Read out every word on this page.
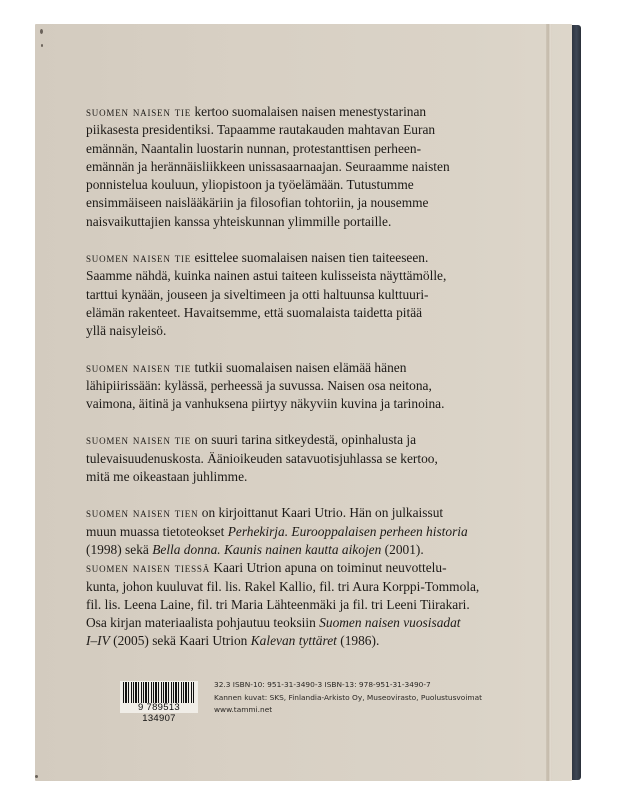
suomen naisen tie kertoo suomalaisen naisen menestystarinan
piikasesta presidentiksi. Tapaamme rautakauden mahtavan Euran
emännän, Naantalin luostarin nunnan, protestanttisen perheen-
emännän ja herännäisliikkeen unissasaarnaajan. Seuraamme naisten
ponnistelua kouluun, yliopistoon ja työelämään. Tutustumme
ensimmäiseen naislääkäriin ja filosofian tohtoriin, ja nousemme
naisvaikuttajien kanssa yhteiskunnan ylimmille portaille.
suomen naisen tie esittelee suomalaisen naisen tien taiteeseen.
Saamme nähdä, kuinka nainen astui taiteen kulisseista näyttämölle,
tarttui kynään, jouseen ja siveltimeen ja otti haltuunsa kulttuuri-
elämän rakenteet. Havaitsemme, että suomalaista taidetta pitää
yllä naisyleisö.
suomen naisen tie tutkii suomalaisen naisen elämää hänen
lähipiirissään: kylässä, perheessä ja suvussa. Naisen osa neitona,
vaimona, äitinä ja vanhuksena piirtyy näkyviin kuvina ja tarinoina.
suomen naisen tie on suuri tarina sitkeydestä, opinhalusta ja
tulevaisuudenuskosta. Äänioikeuden satavuotisjuhlassa se kertoo,
mitä me oikeastaan juhlimme.
suomen naisen tien on kirjoittanut Kaari Utrio. Hän on julkaissut
muun muassa tietoteokset Perhekirja. Eurooppalaisen perheen historia
(1998) sekä Bella donna. Kaunis nainen kautta aikojen (2001).
suomen naisen tiessä Kaari Utrion apuna on toiminut neuvottelu-
kunta, johon kuuluvat fil. lis. Rakel Kallio, fil. tri Aura Korppi-Tommola,
fil. lis. Leena Laine, fil. tri Maria Lähteenmäki ja fil. tri Leeni Tiirakari.
Osa kirjan materiaalista pohjautuu teoksiin Suomen naisen vuosisadat
I–IV (2005) sekä Kaari Utrion Kalevan tyttäret (1986).
9 789513 134907
32.3 ISBN-10: 951-31-3490-3 ISBN-13: 978-951-31-3490-7
Kannen kuvat: SKS, Finlandia-Arkisto Oy, Museovirasto, Puolustusvoimat
www.tammi.net
